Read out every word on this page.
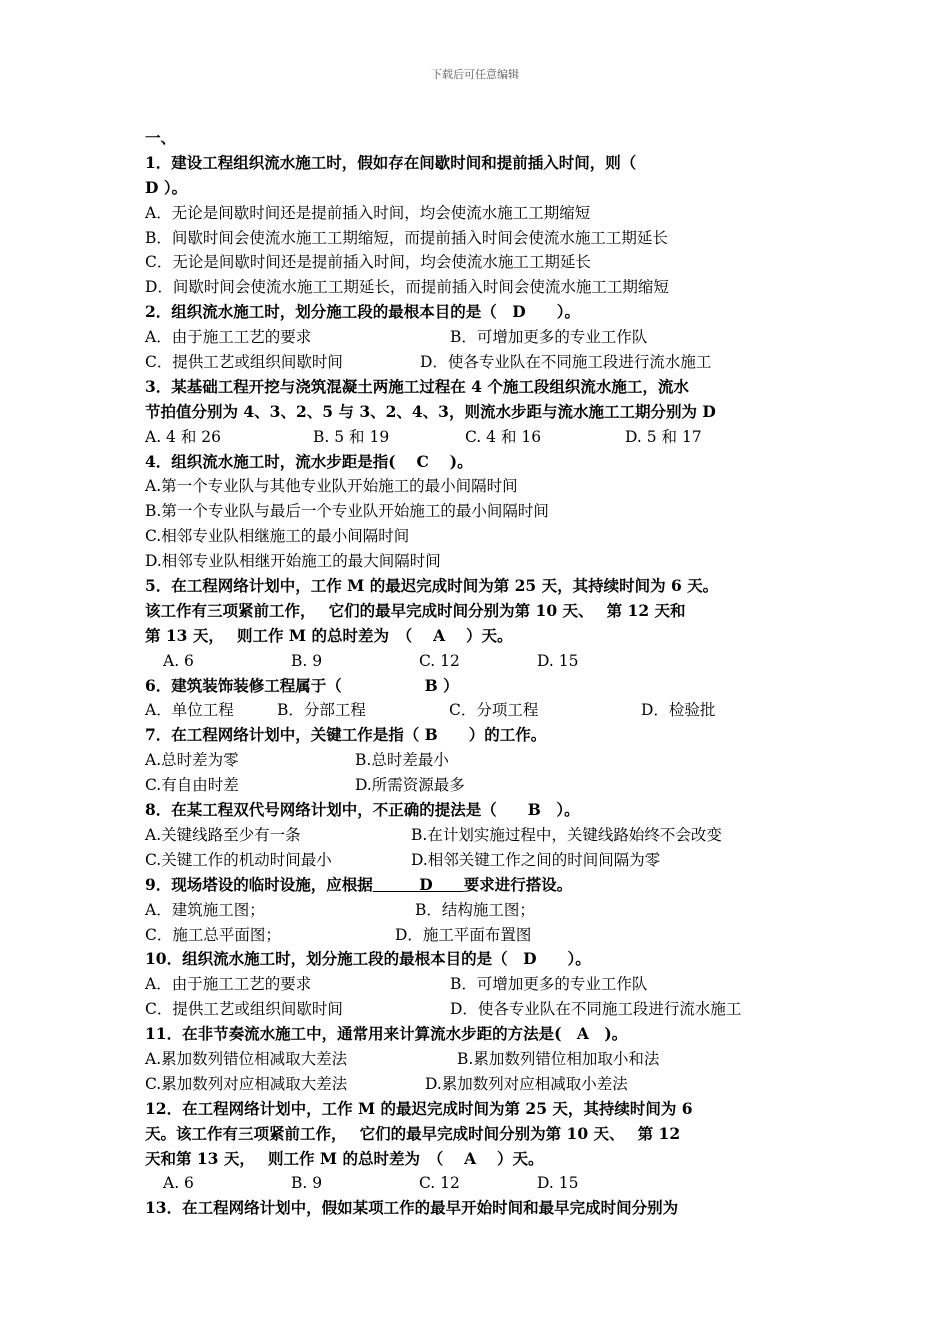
下载后可任意编辑
一、
1．建设工程组织流水施工时，假如存在间歇时间和提前插入时间，则（
D ）。
A．无论是间歇时间还是提前插入时间，均会使流水施工工期缩短
B．间歇时间会使流水施工工期缩短，而提前插入时间会使流水施工工期延长
C．无论是间歇时间还是提前插入时间，均会使流水施工工期延长
D．间歇时间会使流水施工工期延长，而提前插入时间会使流水施工工期缩短
2．组织流水施工时，划分施工段的最根本目的是（　D　　）。
A．由于施工工艺的要求	B．可增加更多的专业工作队
C．提供工艺或组织间歇时间	D．使各专业队在不同施工段进行流水施工
3．某基础工程开挖与浇筑混凝土两施工过程在 4 个施工段组织流水施工，流水
节拍值分别为 4、3、2、5 与 3、2、4、3，则流水步距与流水施工工期分别为 D
A. 4 和 26	B. 5 和 19	C. 4 和 16	D. 5 和 17
4．组织流水施工时，流水步距是指(　 C　 )。
A.第一个专业队与其他专业队开始施工的最小间隔时间
B.第一个专业队与最后一个专业队开始施工的最小间隔时间
C.相邻专业队相继施工的最小间隔时间
D.相邻专业队相继开始施工的最大间隔时间
5．在工程网络计划中，工作 M 的最迟完成时间为第 25 天，其持续时间为 6 天。
该工作有三项紧前工作，　 它们的最早完成时间分别为第 10 天、　 第 12 天和
第 13 天，　 则工作 M 的总时差为　（　 A　 ）天。
A. 6	B. 9	C. 12	D. 15
6．建筑装饰装修工程属于（　　　　　 B ）
A．单位工程	B．分部工程	C．分项工程	D．检验批
7．在工程网络计划中，关键工作是指（ B　　）的工作。
A.总时差为零	B.总时差最小
C.有自由时差	D.所需资源最多
8．在某工程双代号网络计划中，不正确的提法是（　　B　）。
A.关键线路至少有一条	B.在计划实施过程中，关键线路始终不会改变
C.关键工作的机动时间最小	D.相邻关键工作之间的时间间隔为零
9．现场塔设的临时设施，应根据　　　D　　要求进行搭设。
A．建筑施工图；	B．结构施工图；
C．施工总平面图；	D．施工平面布置图
10．组织流水施工时，划分施工段的最根本目的是（　D　　）。
A．由于施工工艺的要求	B．可增加更多的专业工作队
C．提供工艺或组织间歇时间	D．使各专业队在不同施工段进行流水施工
11．在非节奏流水施工中，通常用来计算流水步距的方法是(　A　)。
A.累加数列错位相减取大差法	B.累加数列错位相加取小和法
C.累加数列对应相减取大差法	D.累加数列对应相减取小差法
12．在工程网络计划中，工作 M 的最迟完成时间为第 25 天，其持续时间为 6
天。该工作有三项紧前工作，　 它们的最早完成时间分别为第 10 天、　 第 12
天和第 13 天，　 则工作 M 的总时差为　（　 A　 ）天。
A. 6	B. 9	C. 12	D. 15
13．在工程网络计划中，假如某项工作的最早开始时间和最早完成时间分别为
